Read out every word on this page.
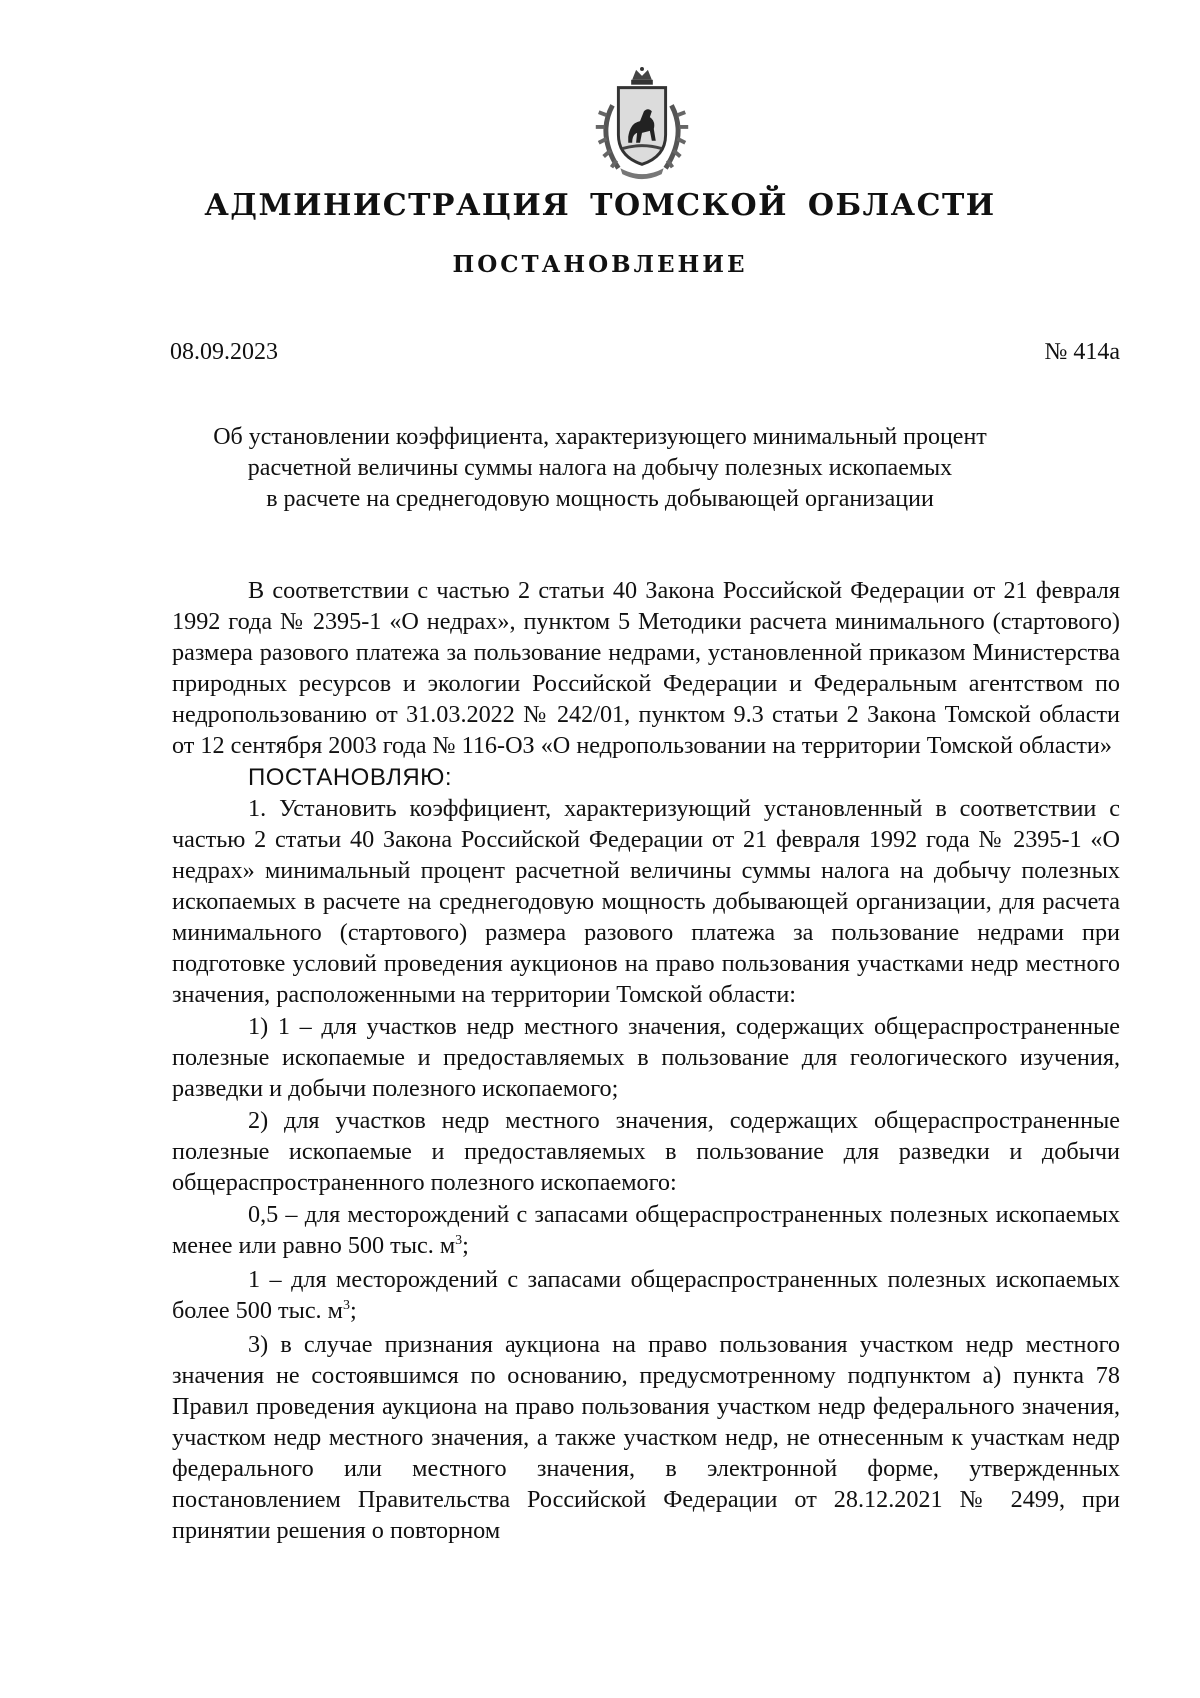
АДМИНИСТРАЦИЯ ТОМСКОЙ ОБЛАСТИ
ПОСТАНОВЛЕНИЕ
08.09.2023	№ 414а
Об установлении коэффициента, характеризующего минимальный процент
расчетной величины суммы налога на добычу полезных ископаемых
в расчете на среднегодовую мощность добывающей организации

В соответствии с частью 2 статьи 40 Закона Российской Федерации от 21 февраля 1992 года № 2395-1 «О недрах», пунктом 5 Методики расчета минимального (стартового) размера разового платежа за пользование недрами, установленной приказом Министерства природных ресурсов и экологии Российской Федерации и Федеральным агентством по недропользованию от 31.03.2022 № 242/01, пунктом 9.3 статьи 2 Закона Томской области от 12 сентября 2003 года № 116-ОЗ «О недропользовании на территории Томской области»

ПОСТАНОВЛЯЮ:

1. Установить коэффициент, характеризующий установленный в соответствии с частью 2 статьи 40 Закона Российской Федерации от 21 февраля 1992 года № 2395-1 «О недрах» минимальный процент расчетной величины суммы налога на добычу полезных ископаемых в расчете на среднегодовую мощность добывающей организации, для расчета минимального (стартового) размера разового платежа за пользование недрами при подготовке условий проведения аукционов на право пользования участками недр местного значения, расположенными на территории Томской области:

1) 1 – для участков недр местного значения, содержащих общераспространенные полезные ископаемые и предоставляемых в пользование для геологического изучения, разведки и добычи полезного ископаемого;

2) для участков недр местного значения, содержащих общераспространенные полезные ископаемые и предоставляемых в пользование для разведки и добычи общераспространенного полезного ископаемого:

0,5 – для месторождений с запасами общераспространенных полезных ископаемых менее или равно 500 тыс. $м^3$;

1 – для месторождений с запасами общераспространенных полезных ископаемых более 500 тыс. $м^3$;

3) в случае признания аукциона на право пользования участком недр местного значения не состоявшимся по основанию, предусмотренному подпунктом а) пункта 78 Правил проведения аукциона на право пользования участком недр федерального значения, участком недр местного значения, а также участком недр, не отнесенным к участкам недр федерального или местного значения, в электронной форме, утвержденных постановлением Правительства Российской Федерации от 28.12.2021 № 2499, при принятии решения о повторном
